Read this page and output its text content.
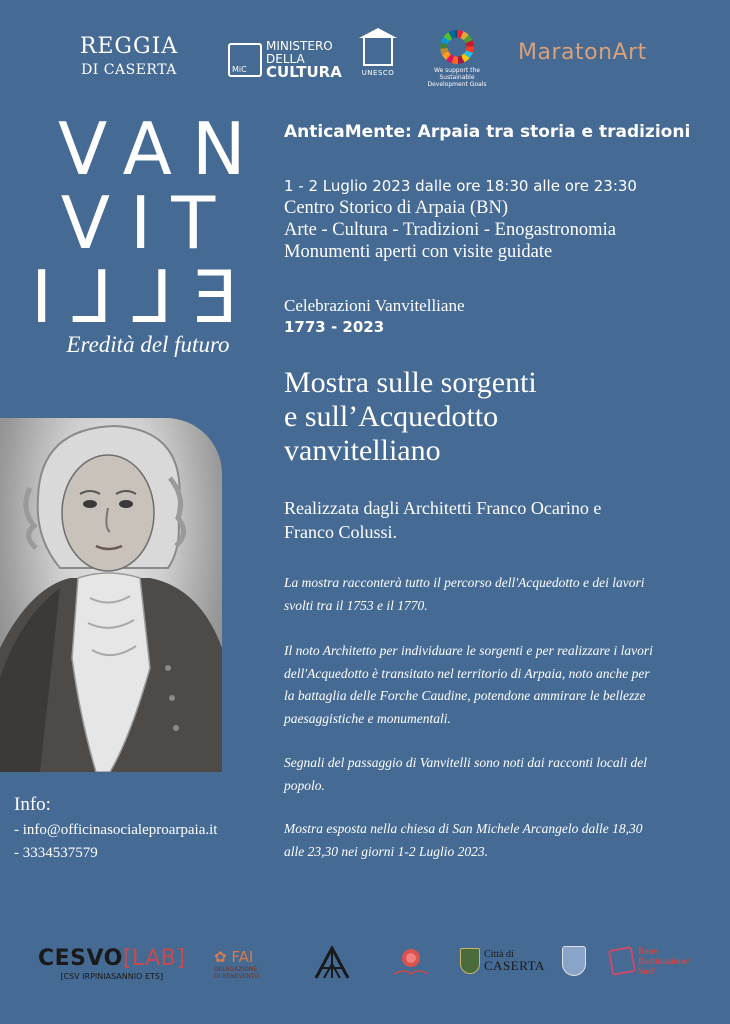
REGGIA
DI CASERTA
MiC
MINISTERO
DELLA
CULTURA	UNESCO	We support the Sustainable Development Goals
MaratonArt
VAN
VIT
ELLI
Eredità del futuro
Info:
- info@officinasocialeproarpaia.it
- 3334537579
AnticaMente: Arpaia tra storia e tradizioni
1 - 2 Luglio 2023 dalle ore 18:30 alle ore 23:30
Centro Storico di Arpaia (BN)
Arte - Cultura - Tradizioni - Enogastronomia
Monumenti aperti con visite guidate
Celebrazioni Vanvitelliane
1773 - 2023
Mostra sulle sorgenti
e sull’Acquedotto
vanvitelliano
Realizzata dagli Architetti Franco Ocarino e
Franco Colussi.
La mostra racconterà tutto il percorso dell'Acquedotto e dei lavori
svolti tra il 1753 e il 1770.
Il noto Architetto per individuare le sorgenti e per realizzare i lavori
dell'Acquedotto è transitato nel territorio di Arpaia, noto anche per
la battaglia delle Forche Caudine, potendone ammirare le bellezze
paesaggistiche e monumentali.
Segnali del passaggio di Vanvitelli sono noti dai racconti locali del
popolo.
Mostra esposta nella chiesa di San Michele Arcangelo dalle 18,30
alle 23,30 nei giorni 1-2 Luglio 2023.
CESVO[LAB]
[CSV IRPINIASANNIO ETS]
✿ FAI
DELEGAZIONE
DI BENEVENTO
Città di
CASERTA
Rete/
Destinazione/
Sud/
